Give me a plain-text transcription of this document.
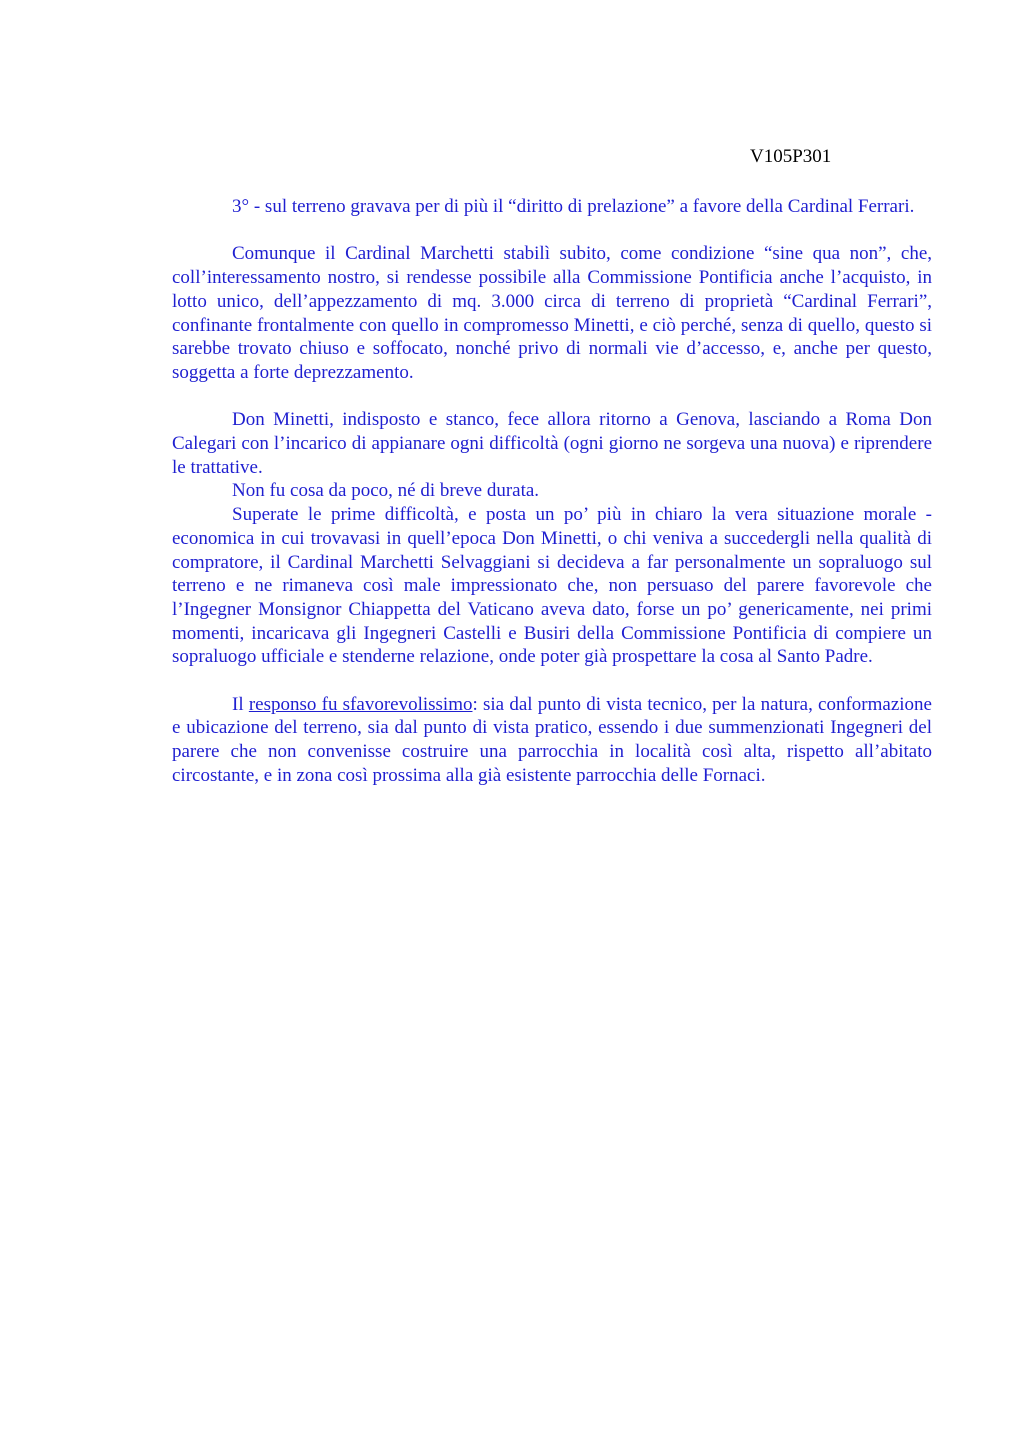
V105P301

3° - sul terreno gravava per di più il “diritto di prelazione” a favore della Cardinal Ferrari.

Comunque il Cardinal Marchetti stabilì subito, come condizione “sine qua non”, che, coll’interessamento nostro, si rendesse possibile alla Commissione Pontificia anche l’acquisto, in lotto unico, dell’appezzamento di mq. 3.000 circa di terreno di proprietà “Cardinal Ferrari”, confinante frontalmente con quello in compromesso Minetti, e ciò perché, senza di quello, questo si sarebbe trovato chiuso e soffocato, nonché privo di normali vie d’accesso, e, anche per questo, soggetta a forte deprezzamento.

Don Minetti, indisposto e stanco, fece allora ritorno a Genova, lasciando a Roma Don Calegari con l’incarico di appianare ogni difficoltà (ogni giorno ne sorgeva una nuova) e riprendere le trattative.

Non fu cosa da poco, né di breve durata.

Superate le prime difficoltà, e posta un po’ più in chiaro la vera situazione morale - economica in cui trovavasi in quell’epoca Don Minetti, o chi veniva a succedergli nella qualità di compratore, il Cardinal Marchetti Selvaggiani si decideva a far personalmente un sopraluogo sul terreno e ne rimaneva così male impressionato che, non persuaso del parere favorevole che l’Ingegner Monsignor Chiappetta del Vaticano aveva dato, forse un po’ genericamente, nei primi momenti, incaricava gli Ingegneri Castelli e Busiri della Commissione Pontificia di compiere un sopraluogo ufficiale e stenderne relazione, onde poter già prospettare la cosa al Santo Padre.

Il responso fu sfavorevolissimo: sia dal punto di vista tecnico, per la natura, conformazione e ubicazione del terreno, sia dal punto di vista pratico, essendo i due summenzionati Ingegneri del parere che non convenisse costruire una parrocchia in località così alta, rispetto all’abitato circostante, e in zona così prossima alla già esistente parrocchia delle Fornaci.
